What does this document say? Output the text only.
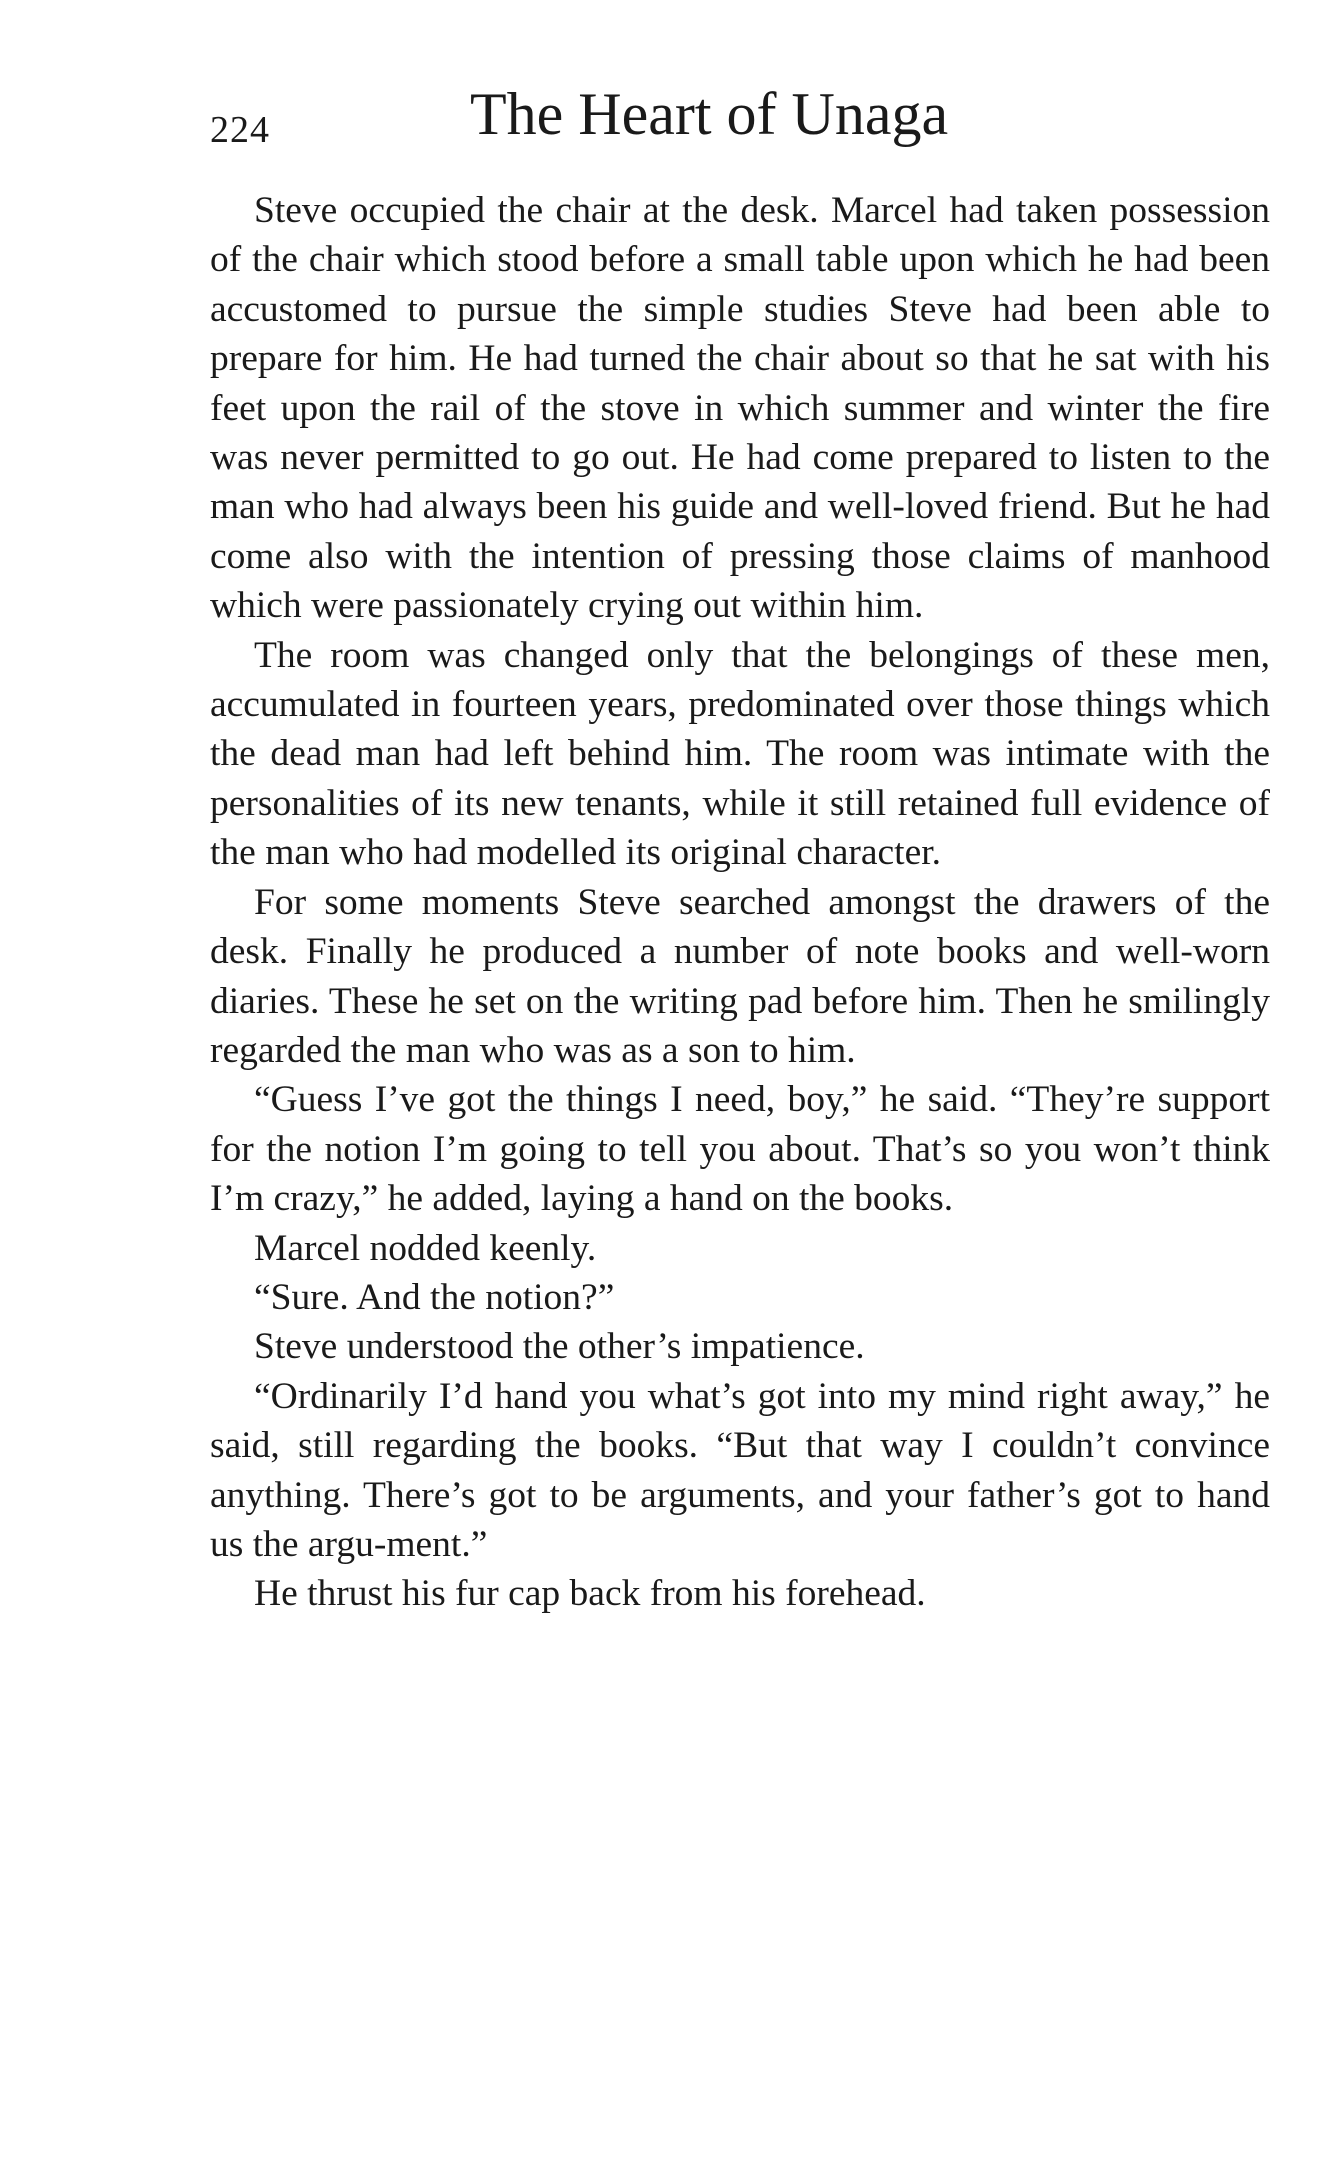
224	The Heart of Unaga

Steve occupied the chair at the desk. Marcel had taken possession of the chair which stood before a small table upon which he had been accustomed to pursue the simple studies Steve had been able to prepare for him. He had turned the chair about so that he sat with his feet upon the rail of the stove in which summer and winter the fire was never permitted to go out. He had come prepared to listen to the man who had always been his guide and well-loved friend. But he had come also with the intention of pressing those claims of manhood which were passionately crying out within him.

The room was changed only that the belongings of these men, accumulated in fourteen years, predominated over those things which the dead man had left behind him. The room was intimate with the personalities of its new tenants, while it still retained full evidence of the man who had modelled its original character.

For some moments Steve searched amongst the drawers of the desk. Finally he produced a number of note books and well-worn diaries. These he set on the writing pad before him. Then he smilingly regarded the man who was as a son to him.

“Guess I’ve got the things I need, boy,” he said. “They’re support for the notion I’m going to tell you about. That’s so you won’t think I’m crazy,” he added, laying a hand on the books.

Marcel nodded keenly.

“Sure. And the notion?”

Steve understood the other’s impatience.

“Ordinarily I’d hand you what’s got into my mind right away,” he said, still regarding the books. “But that way I couldn’t convince anything. There’s got to be arguments, and your father’s got to hand us the argu-ment.”

He thrust his fur cap back from his forehead.
